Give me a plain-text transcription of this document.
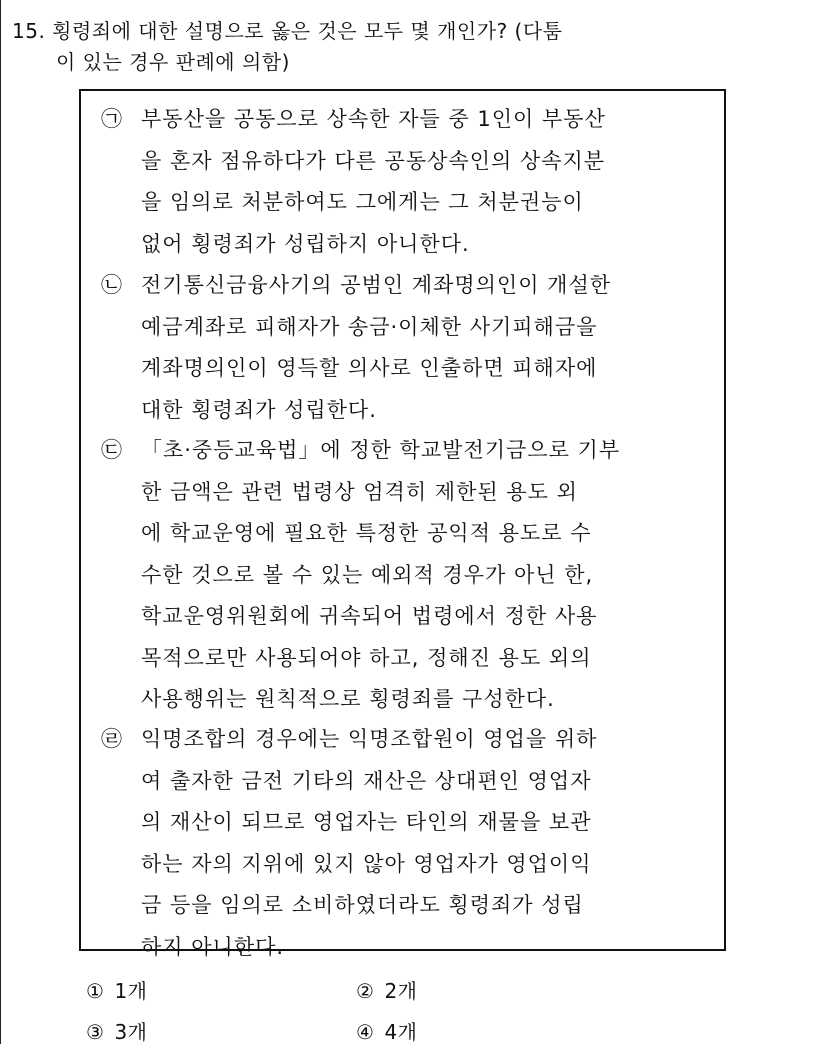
15. 횡령죄에 대한 설명으로 옳은 것은 모두 몇 개인가? (다툼
이 있는 경우 판례에 의함)
㉠ 부동산을 공동으로 상속한 자들 중 1인이 부동산
을 혼자 점유하다가 다른 공동상속인의 상속지분
을 임의로 처분하여도 그에게는 그 처분권능이
없어 횡령죄가 성립하지 아니한다.
㉡ 전기통신금융사기의 공범인 계좌명의인이 개설한
예금계좌로 피해자가 송금·이체한 사기피해금을
계좌명의인이 영득할 의사로 인출하면 피해자에
대한 횡령죄가 성립한다.
㉢ 「초·중등교육법」에 정한 학교발전기금으로 기부
한 금액은 관련 법령상 엄격히 제한된 용도 외
에 학교운영에 필요한 특정한 공익적 용도로 수
수한 것으로 볼 수 있는 예외적 경우가 아닌 한,
학교운영위원회에 귀속되어 법령에서 정한 사용
목적으로만 사용되어야 하고, 정해진 용도 외의
사용행위는 원칙적으로 횡령죄를 구성한다.
㉣ 익명조합의 경우에는 익명조합원이 영업을 위하
여 출자한 금전 기타의 재산은 상대편인 영업자
의 재산이 되므로 영업자는 타인의 재물을 보관
하는 자의 지위에 있지 않아 영업자가 영업이익
금 등을 임의로 소비하였더라도 횡령죄가 성립
하지 아니한다.
① 1개	② 2개
③ 3개	④ 4개
